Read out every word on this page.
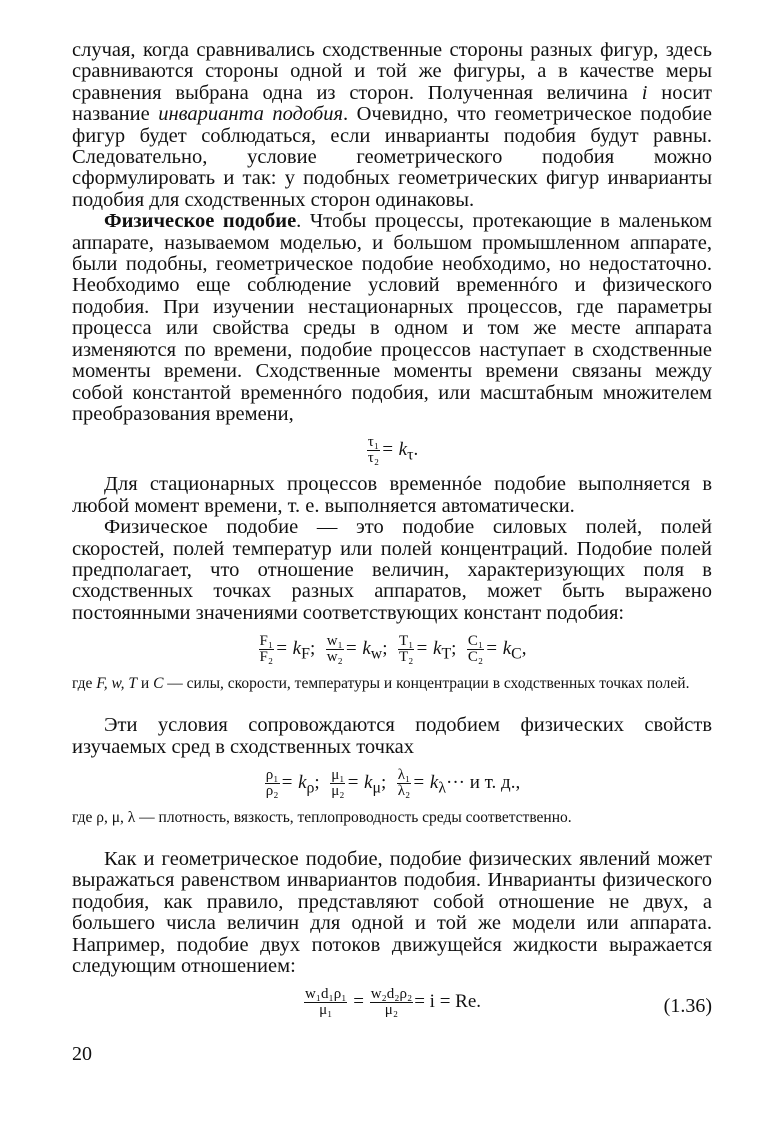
случая, когда сравнивались сходственные стороны разных фигур, здесь сравниваются стороны одной и той же фигуры, а в качестве меры сравнения выбрана одна из сторон. Полученная величина i носит название инварианта подобия. Очевидно, что геометрическое подобие фигур будет соблюдаться, если инварианты подобия будут равны. Следовательно, условие геометрического подобия можно сформулировать и так: у подобных геометрических фигур инварианты подобия для сходственных сторон одинаковы.

Физическое подобие. Чтобы процессы, протекающие в маленьком аппарате, называемом моделью, и большом промышленном аппарате, были подобны, геометрическое подобие необходимо, но недостаточно. Необходимо еще соблюдение условий временнóго и физического подобия. При изучении нестационарных процессов, где параметры процесса или свойства среды в одном и том же месте аппарата изменяются по времени, подобие процессов наступает в сходственные моменты времени. Сходственные моменты времени связаны между собой константой временнóго подобия, или масштабным множителем преобразования времени,

$\frac{\text{τ₁}}{\text{τ₂}} = k_\tau$.

Для стационарных процессов временнóе подобие выполняется в любой момент времени, т. е. выполняется автоматически.

Физическое подобие — это подобие силовых полей, полей скоростей, полей температур или полей концентраций. Подобие полей предполагает, что отношение величин, характеризующих поля в сходственных точках разных аппаратов, может быть выражено постоянными значениями соответствующих констант подобия:

$\frac{\text{F₁}}{\text{F₂}} = k_F$; $\frac{\text{w₁}}{\text{w₂}} = k_w$; $\frac{\text{T₁}}{\text{T₂}} = k_T$; $\frac{\text{C₁}}{\text{C₂}} = k_C$,

где F, w, T и C — силы, скорости, температуры и концентрации в сходственных точках полей.

Эти условия сопровождаются подобием физических свойств изучаемых сред в сходственных точках

$\frac{\text{ρ₁}}{\text{ρ₂}} = k_\rho$; $\frac{\text{μ₁}}{\text{μ₂}} = k_\mu$; $\frac{\text{λ₁}}{\text{λ₂}} = k_\lambda\cdot\cdot\cdot и$ т. д.,

где ρ, μ, λ — плотность, вязкость, теплопроводность среды соответственно.

Как и геометрическое подобие, подобие физических явлений может выражаться равенством инвариантов подобия. Инварианты физического подобия, как правило, представляют собой отношение не двух, а большего числа величин для одной и той же модели или аппарата. Например, подобие двух потоков движущейся жидкости выражается следующим отношением:

$\frac{\text{w₁d₁ρ₁}}{\text{μ₁}} = \frac{\text{w₂d₂ρ₂}}{\text{μ₂}} = i = Re$.	(1.36)
20
